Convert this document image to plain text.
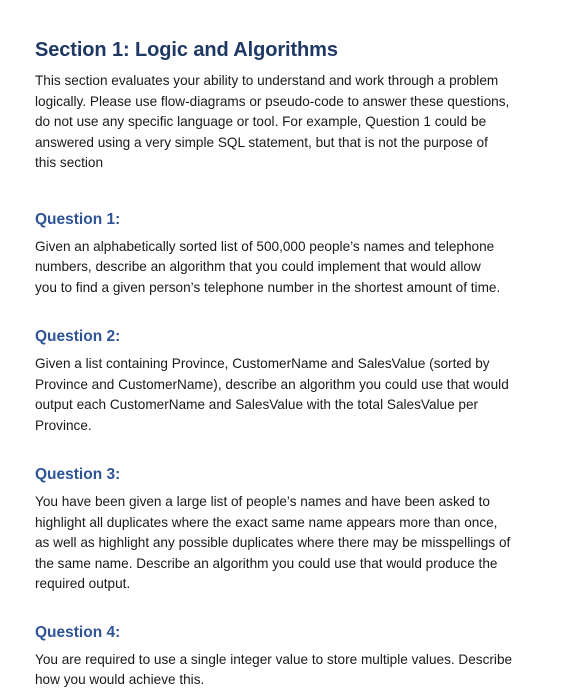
Section 1: Logic and Algorithms

This section evaluates your ability to understand and work through a problem
logically. Please use flow-diagrams or pseudo-code to answer these questions,
do not use any specific language or tool. For example, Question 1 could be
answered using a very simple SQL statement, but that is not the purpose of
this section

Question 1:

Given an alphabetically sorted list of 500,000 people’s names and telephone
numbers, describe an algorithm that you could implement that would allow
you to find a given person’s telephone number in the shortest amount of time.

Question 2:

Given a list containing Province, CustomerName and SalesValue (sorted by
Province and CustomerName), describe an algorithm you could use that would
output each CustomerName and SalesValue with the total SalesValue per
Province.

Question 3:

You have been given a large list of people’s names and have been asked to
highlight all duplicates where the exact same name appears more than once,
as well as highlight any possible duplicates where there may be misspellings of
the same name. Describe an algorithm you could use that would produce the
required output.

Question 4:

You are required to use a single integer value to store multiple values. Describe
how you would achieve this.
